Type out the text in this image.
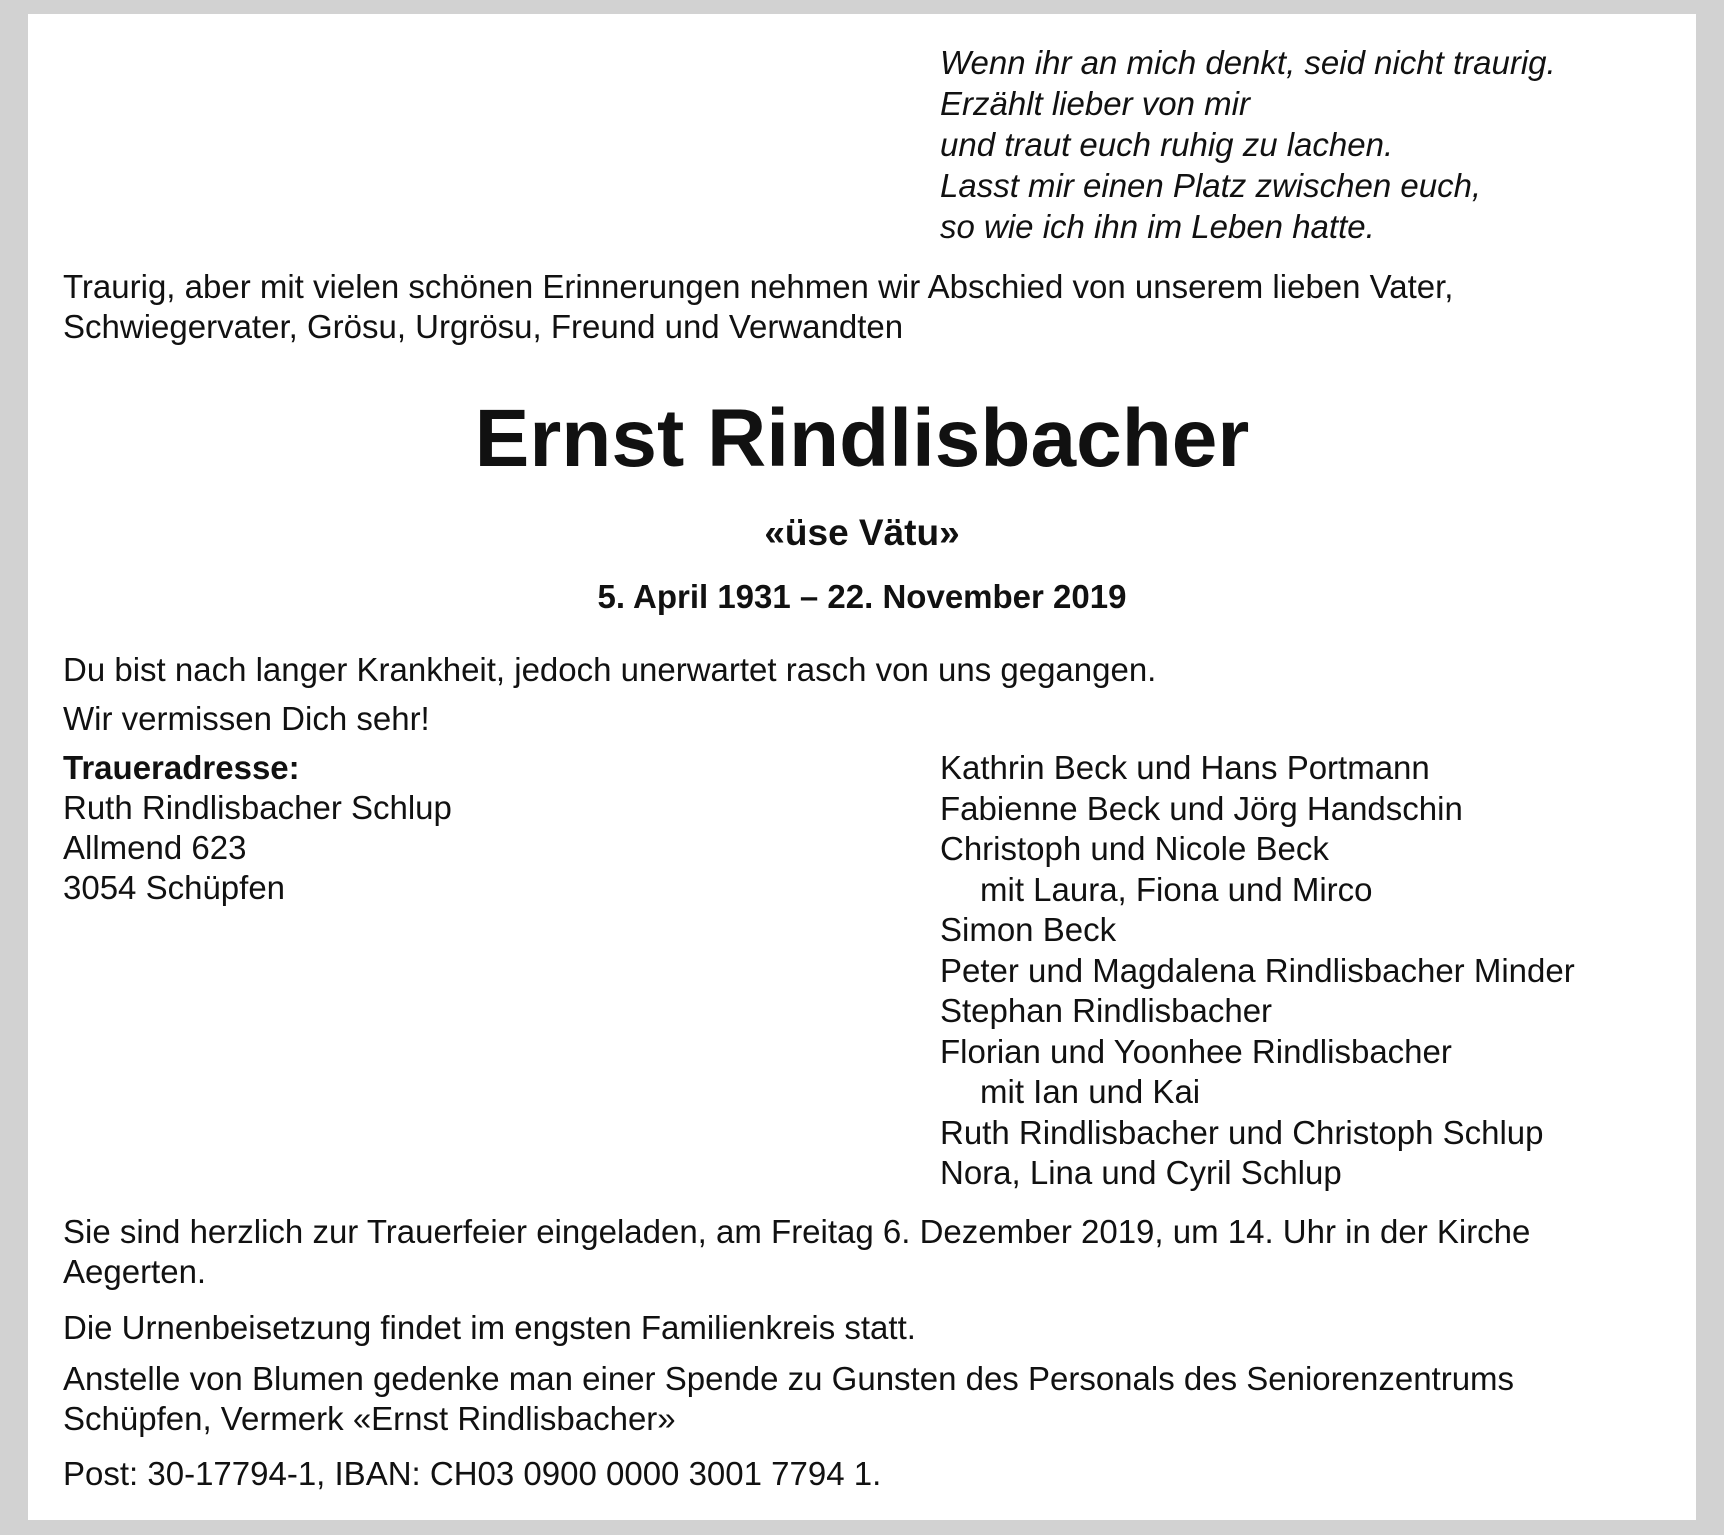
Wenn ihr an mich denkt, seid nicht traurig.
Erzählt lieber von mir
und traut euch ruhig zu lachen.
Lasst mir einen Platz zwischen euch,
so wie ich ihn im Leben hatte.
Traurig, aber mit vielen schönen Erinnerungen nehmen wir Abschied von unserem lieben Vater, Schwiegervater, Grösu, Urgrösu, Freund und Verwandten
Ernst Rindlisbacher
«üse Vätu»
5. April 1931 – 22. November 2019
Du bist nach langer Krankheit, jedoch unerwartet rasch von uns gegangen.
Wir vermissen Dich sehr!
Traueradresse:
Ruth Rindlisbacher Schlup
Allmend 623
3054 Schüpfen
Kathrin Beck und Hans Portmann
Fabienne Beck und Jörg Handschin
Christoph und Nicole Beck
mit Laura, Fiona und Mirco
Simon Beck
Peter und Magdalena Rindlisbacher Minder
Stephan Rindlisbacher
Florian und Yoonhee Rindlisbacher
mit Ian und Kai
Ruth Rindlisbacher und Christoph Schlup
Nora, Lina und Cyril Schlup
Sie sind herzlich zur Trauerfeier eingeladen, am Freitag 6. Dezember 2019, um 14. Uhr in der Kirche Aegerten.
Die Urnenbeisetzung findet im engsten Familienkreis statt.
Anstelle von Blumen gedenke man einer Spende zu Gunsten des Personals des Seniorenzentrums Schüpfen, Vermerk «Ernst Rindlisbacher»
Post: 30-17794-1, IBAN: CH03 0900 0000 3001 7794 1.
